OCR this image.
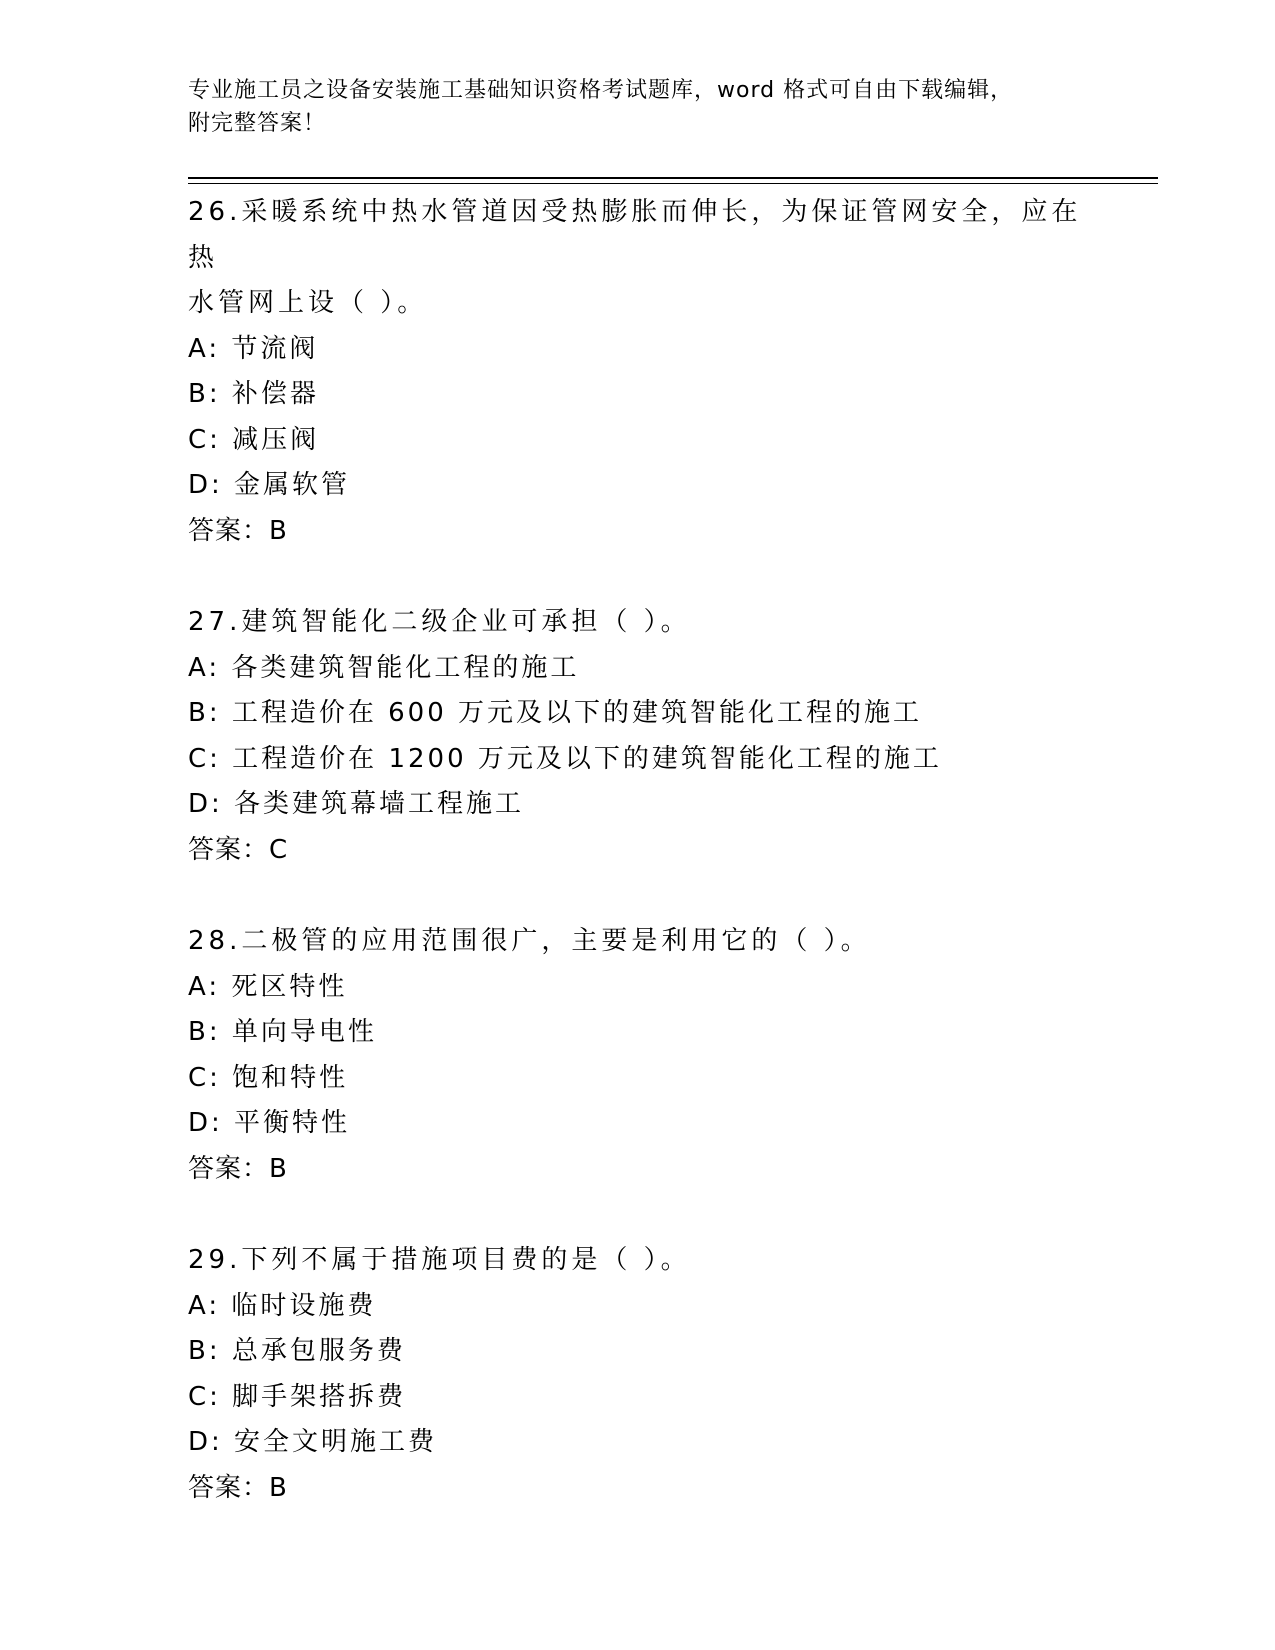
专业施工员之设备安装施工基础知识资格考试题库，word 格式可自由下载编辑，
附完整答案！
26.采暖系统中热水管道因受热膨胀而伸长，为保证管网安全，应在热
水管网上设（ ）。
A: 节流阀
B: 补偿器
C: 减压阀
D: 金属软管
答案：B
27.建筑智能化二级企业可承担（ ）。
A: 各类建筑智能化工程的施工
B: 工程造价在 600 万元及以下的建筑智能化工程的施工
C: 工程造价在 1200 万元及以下的建筑智能化工程的施工
D: 各类建筑幕墙工程施工
答案：C
28.二极管的应用范围很广，主要是利用它的（ ）。
A: 死区特性
B: 单向导电性
C: 饱和特性
D: 平衡特性
答案：B
29.下列不属于措施项目费的是（ ）。
A: 临时设施费
B: 总承包服务费
C: 脚手架搭拆费
D: 安全文明施工费
答案：B
